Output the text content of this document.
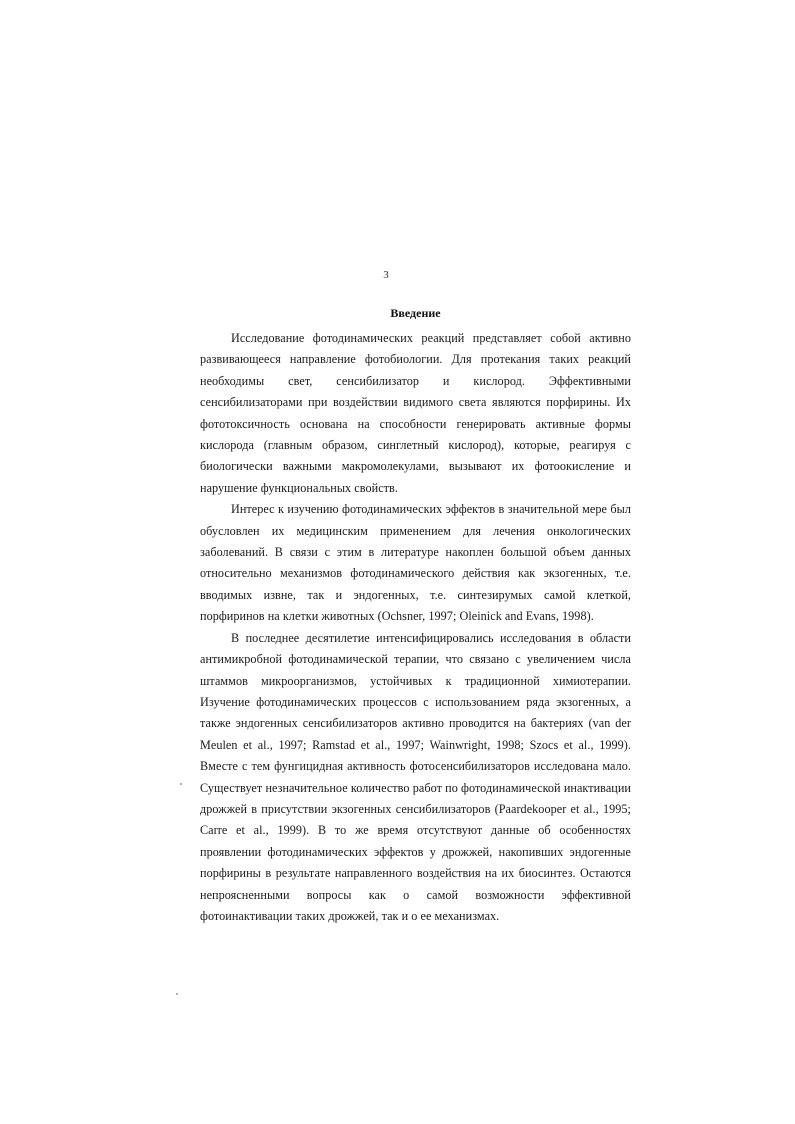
3
Введение

Исследование фотодинамических реакций представляет собой активно развивающееся направление фотобиологии. Для протекания таких реакций необходимы свет, сенсибилизатор и кислород. Эффективными сенсибилизаторами при воздействии видимого света являются порфирины. Их фототоксичность основана на способности генерировать активные формы кислорода (главным образом, синглетный кислород), которые, реагируя с биологически важными макромолекулами, вызывают их фотоокисление и нарушение функциональных свойств.

Интерес к изучению фотодинамических эффектов в значительной мере был обусловлен их медицинским применением для лечения онкологических заболеваний. В связи с этим в литературе накоплен большой объем данных относительно механизмов фотодинамического действия как экзогенных, т.е. вводимых извне, так и эндогенных, т.е. синтезирумых самой клеткой, порфиринов на клетки животных (Ochsner, 1997; Oleinick and Evans, 1998).

В последнее десятилетие интенсифицировались исследования в области антимикробной фотодинамической терапии, что связано с увеличением числа штаммов микроорганизмов, устойчивых к традиционной химиотерапии. Изучение фотодинамических процессов с использованием ряда экзогенных, а также эндогенных сенсибилизаторов активно проводится на бактериях (van der Meulen et al., 1997; Ramstad et al., 1997; Wainwright, 1998; Szocs et al., 1999). Вместе с тем фунгицидная активность фотосенсибилизаторов исследована мало. Существует незначительное количество работ по фотодинамической инактивации дрожжей в присутствии экзогенных сенсибилизаторов (Paardekooper et al., 1995; Carre et al., 1999). В то же время отсутствуют данные об особенностях проявлении фотодинамических эффектов у дрожжей, накопивших эндогенные порфирины в результате направленного воздействия на их биосинтез. Остаются непроясненными вопросы как о самой возможности эффективной фотоинактивации таких дрожжей, так и о ее механизмах.
